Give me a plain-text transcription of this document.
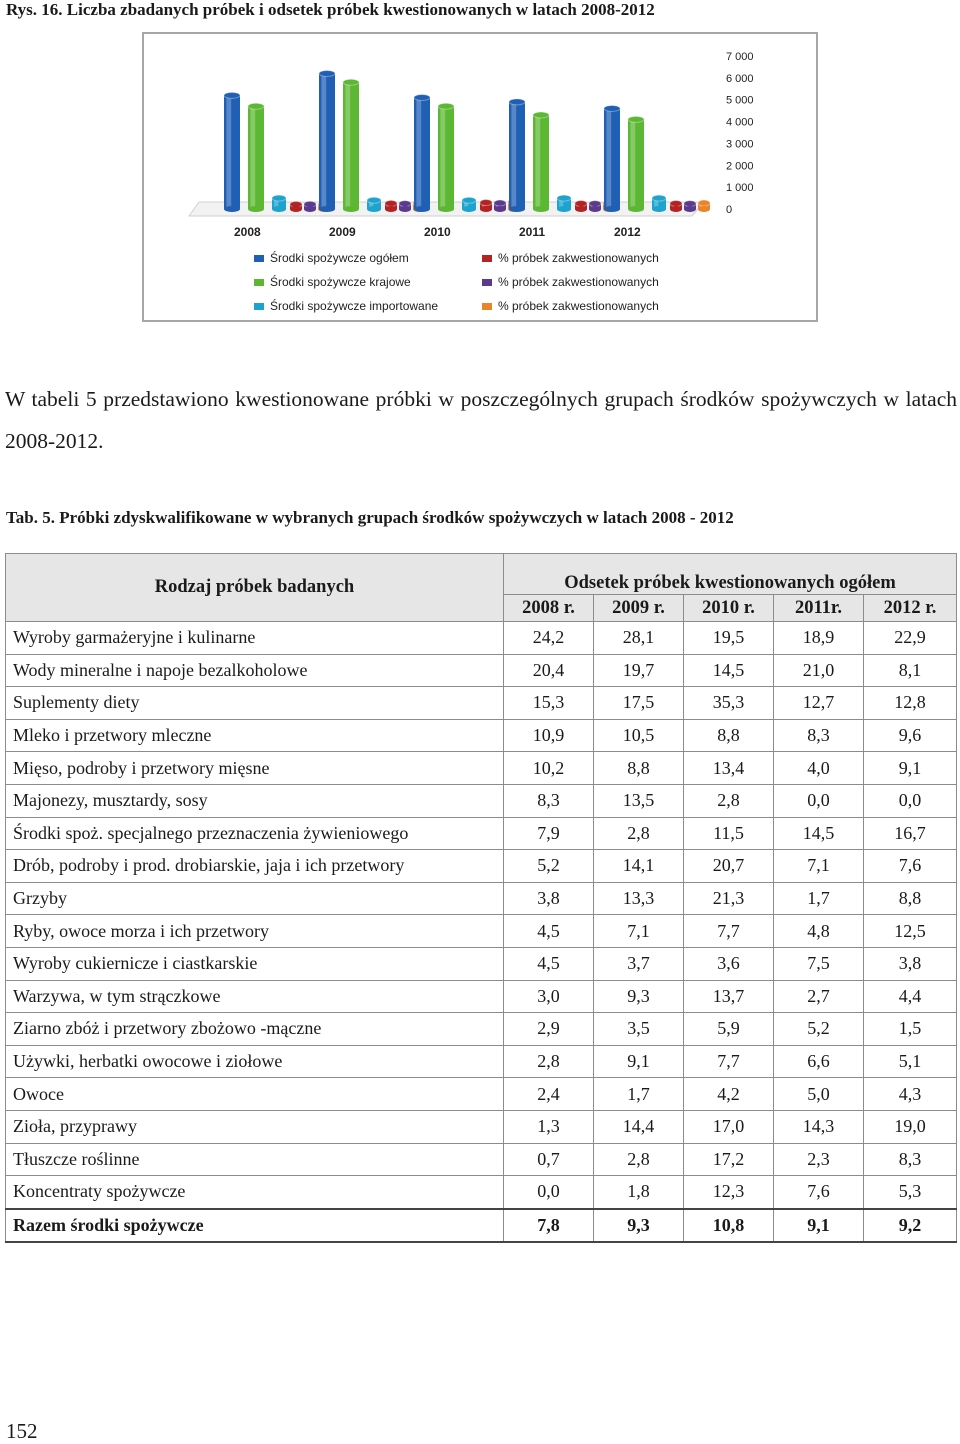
Rys. 16. Liczba zbadanych próbek i odsetek próbek kwestionowanych w latach 2008-2012
7 000
6 000
5 000
4 000
3 000
2 000
1 000
0
2008	2009	2010	2011	2012
Środki spożywcze ogółem	% próbek zakwestionowanych
Środki spożywcze krajowe	% próbek zakwestionowanych
Środki spożywcze importowane	% próbek zakwestionowanych
W tabeli 5 przedstawiono kwestionowane próbki w poszczególnych grupach środków spożywczych w latach 2008-2012.
Tab. 5. Próbki zdyskwalifikowane w wybranych grupach środków spożywczych w latach 2008 - 2012
Rodzaj próbek badanych	Odsetek próbek kwestionowanych ogółem				
	2008 r.	2009 r.	2010 r.	2011r.	2012 r.
Wyroby garmażeryjne i kulinarne	24,2	28,1	19,5	18,9	22,9
Wody mineralne i napoje bezalkoholowe	20,4	19,7	14,5	21,0	8,1
Suplementy diety	15,3	17,5	35,3	12,7	12,8
Mleko i przetwory mleczne	10,9	10,5	8,8	8,3	9,6
Mięso, podroby i przetwory mięsne	10,2	8,8	13,4	4,0	9,1
Majonezy, musztardy, sosy	8,3	13,5	2,8	0,0	0,0
Środki spoż. specjalnego przeznaczenia żywieniowego	7,9	2,8	11,5	14,5	16,7
Drób, podroby i prod. drobiarskie, jaja i ich przetwory	5,2	14,1	20,7	7,1	7,6
Grzyby	3,8	13,3	21,3	1,7	8,8
Ryby, owoce morza i ich przetwory	4,5	7,1	7,7	4,8	12,5
Wyroby cukiernicze i ciastkarskie	4,5	3,7	3,6	7,5	3,8
Warzywa, w tym strączkowe	3,0	9,3	13,7	2,7	4,4
Ziarno zbóż i przetwory zbożowo -mączne	2,9	3,5	5,9	5,2	1,5
Używki, herbatki owocowe i ziołowe	2,8	9,1	7,7	6,6	5,1
Owoce	2,4	1,7	4,2	5,0	4,3
Zioła, przyprawy	1,3	14,4	17,0	14,3	19,0
Tłuszcze roślinne	0,7	2,8	17,2	2,3	8,3
Koncentraty spożywcze	0,0	1,8	12,3	7,6	5,3
Razem środki spożywcze	7,8	9,3	10,8	9,1	9,2
152
